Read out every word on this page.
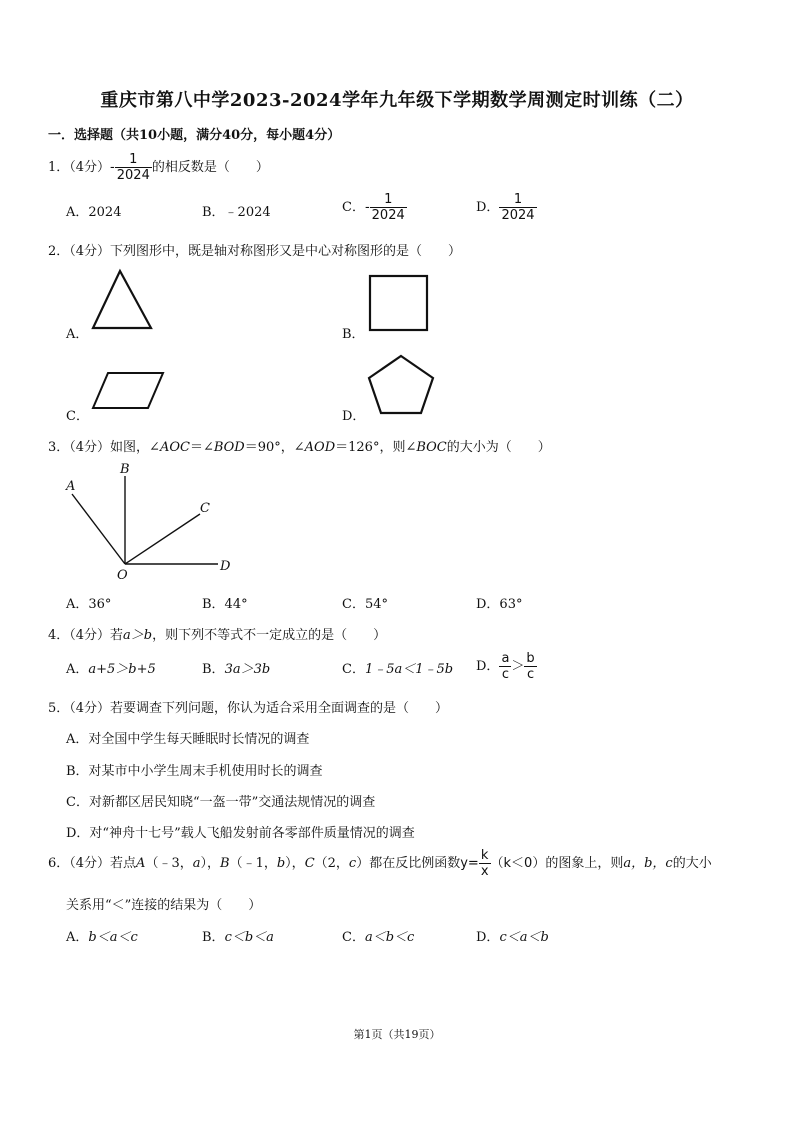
重庆市第八中学2023-2024学年九年级下学期数学周测定时训练（二）
一．选择题（共10小题，满分40分，每小题4分）
1．（4分）- $\frac{1}{2024}$ 的相反数是（　　）
A．2024	B．﹣2024	C．- $\frac{1}{2024}$	D． $\frac{1}{2024}$
2．（4分）下列图形中，既是轴对称图形又是中心对称图形的是（　　）
A．	B．
C．	D．
3．（4分）如图，∠AOC＝∠BOD＝90°，∠AOD＝126°，则∠BOC的大小为（　　）
B
A
C
D
O
A．36°	B．44°	C．54°	D．63°
4．（4分）若a＞b，则下列不等式不一定成立的是（　　）
A．a+5＞b+5	B．3a＞3b	C．1﹣5a＜1﹣5b D． $\frac{a}{c} > \frac{b}{c}$
5．（4分）若要调查下列问题，你认为适合采用全面调查的是（　　）
A．对全国中学生每天睡眠时长情况的调查
B．对某市中小学生周末手机使用时长的调查
C．对新都区居民知晓“一盔一带”交通法规情况的调查
D．对“神舟十七号”载人飞船发射前各零部件质量情况的调查
6．（4分）若点A（﹣3，a），B（﹣1，b），C（2，c）都在反比例函数$y= \frac{k}{x} (k<0)$的图象上，则a，b，c的大小
关系用“＜”连接的结果为（　　）
A．b＜a＜c	B．c＜b＜a	C．a＜b＜c	D．c＜a＜b
第1页（共19页）
